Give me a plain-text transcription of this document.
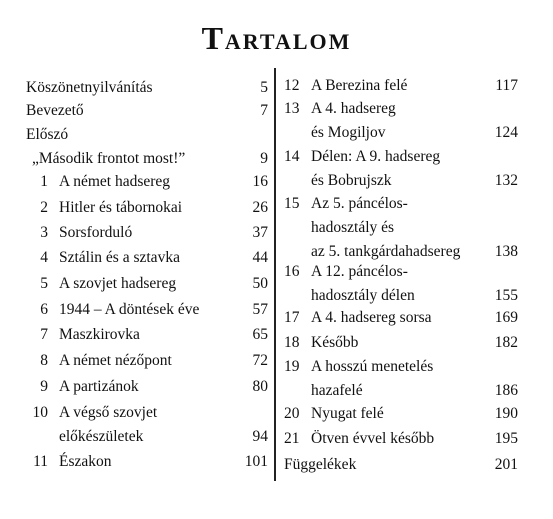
Tartalom
Köszönetnyilvánítás	5
Bevezető	7
Előszó
„Második frontot most!”	9
1 A német hadsereg	16
2 Hitler és tábornokai	26
3 Sorsforduló	37
4 Sztálin és a sztavka	44
5 A szovjet hadsereg	50
6 1944 – A döntések éve	57
7 Maszkirovka	65
8 A német nézőpont	72
9 A partizánok	80
10 A végső szovjet
előkészületek	94
11 Északon	101
12 A Berezina felé	117
13 A 4. hadsereg
és Mogiljov	124
14 Délen: A 9. hadsereg
és Bobrujszk	132
15 Az 5. páncélos-
hadosztály és
az 5. tankgárdahadsereg 138
16 A 12. páncélos-
hadosztály délen	155
17 A 4. hadsereg sorsa	169
18 Később	182
19 A hosszú menetelés
hazafelé	186
20 Nyugat felé	190
21 Ötven évvel később	195
Függelékek	201
